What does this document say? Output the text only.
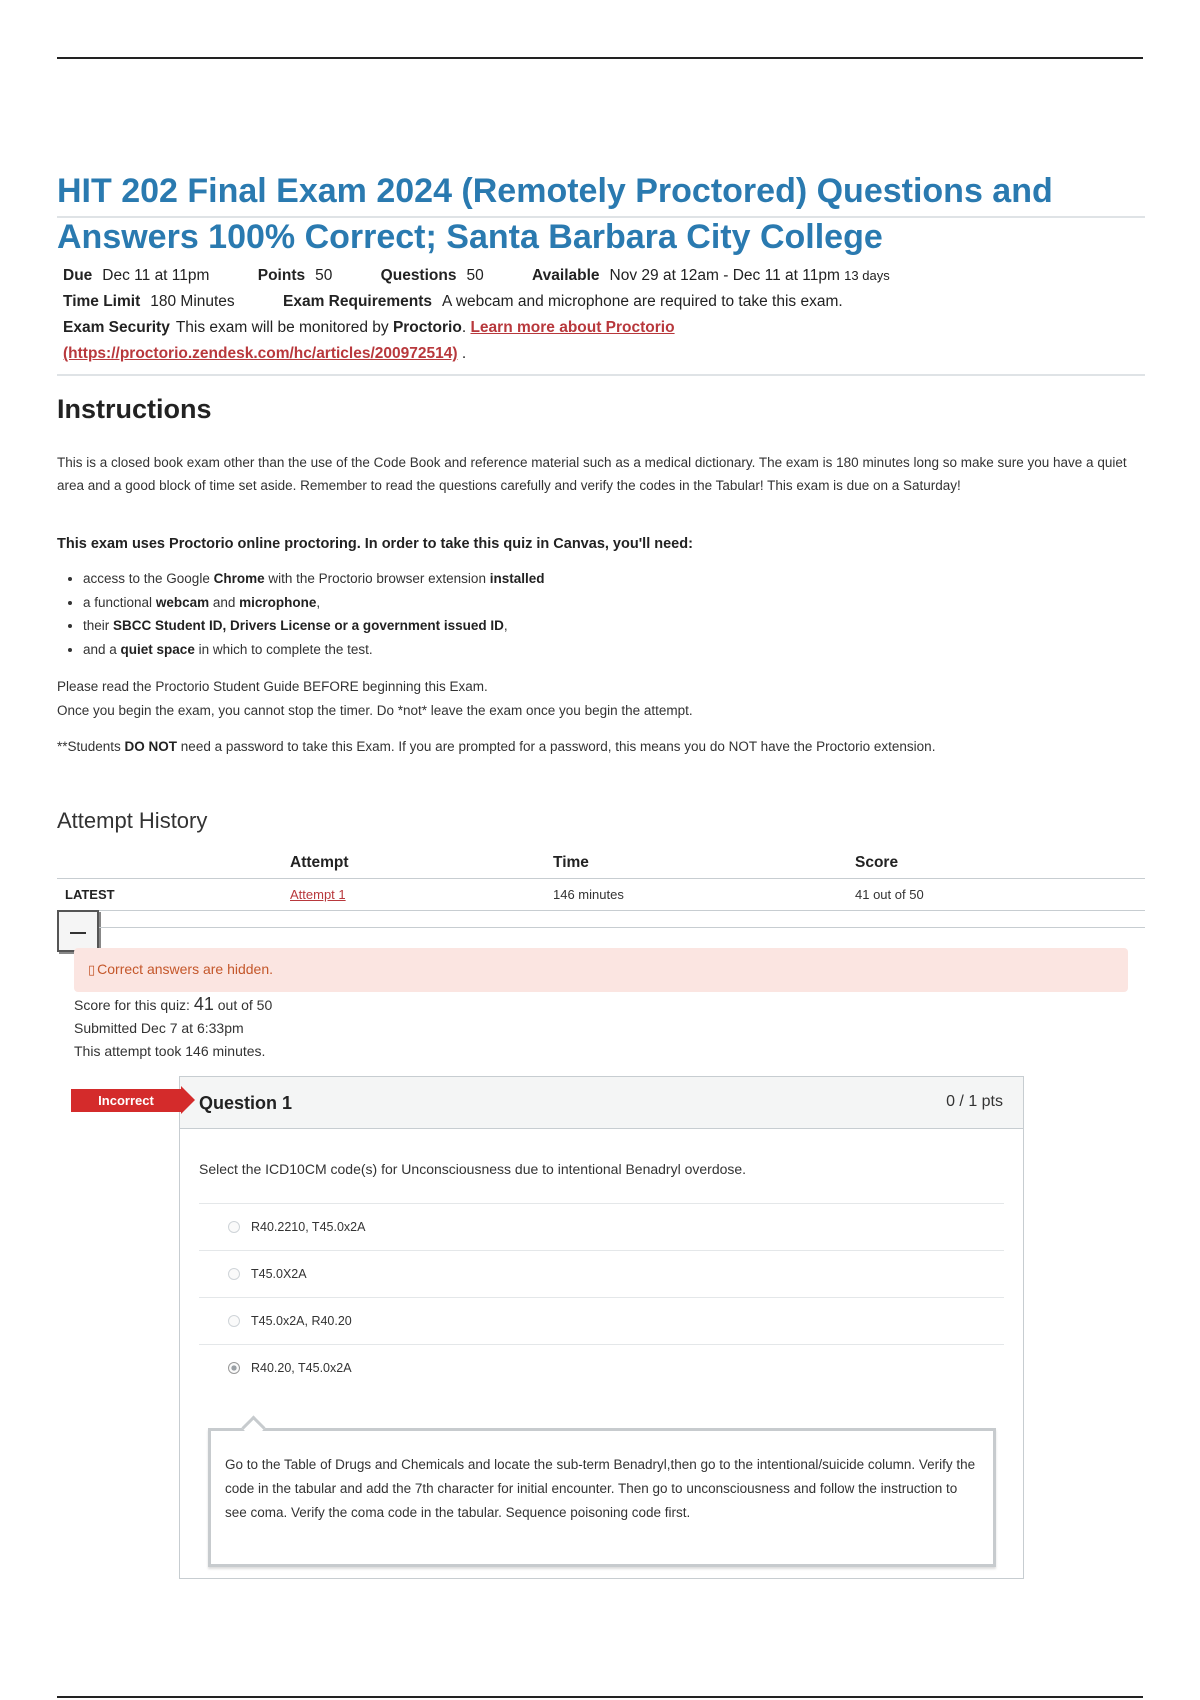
HIT 202 Final Exam 2024 (Remotely Proctored) Questions and Answers 100% Correct; Santa Barbara City College
Due Dec 11 at 11pm	Points 50	Questions 50	Available Nov 29 at 12am - Dec 11 at 11pm 13 days
Time Limit 180 Minutes	Exam Requirements A webcam and microphone are required to take this exam.
Exam Security This exam will be monitored by Proctorio. Learn more about Proctorio
(https://proctorio.zendesk.com/hc/articles/200972514) .
Instructions

This is a closed book exam other than the use of the Code Book and reference material such as a medical dictionary. The exam is 180 minutes long so make sure you have a quiet area and a good block of time set aside. Remember to read the questions carefully and verify the codes in the Tabular! This exam is due on a Saturday!

This exam uses Proctorio online proctoring. In order to take this quiz in Canvas, you'll need:

• access to the Google Chrome with the Proctorio browser extension installed
• a functional webcam and microphone,
• their SBCC Student ID, Drivers License or a government issued ID,
• and a quiet space in which to complete the test.

Please read the Proctorio Student Guide BEFORE beginning this Exam.

Once you begin the exam, you cannot stop the timer. Do *not* leave the exam once you begin the attempt.

**Students DO NOT need a password to take this Exam. If you are prompted for a password, this means you do NOT have the Proctorio extension.

Attempt History
	Attempt	Time	Score
LATEST	Attempt 1	146 minutes	41 out of 50
▯ Correct answers are hidden.
Score for this quiz: 41 out of 50
Submitted Dec 7 at 6:33pm
This attempt took 146 minutes.
Question 1	0 / 1 pts
Select the ICD10CM code(s) for Unconsciousness due to intentional Benadryl overdose.
R40.2210, T45.0x2A
T45.0X2A
T45.0x2A, R40.20
R40.20, T45.0x2A
Go to the Table of Drugs and Chemicals and locate the sub-term Benadryl,then go to the intentional/suicide column. Verify the code in the tabular and add the 7th character for initial encounter. Then go to unconsciousness and follow the instruction to see coma. Verify the coma code in the tabular. Sequence poisoning code first.
Incorrect
